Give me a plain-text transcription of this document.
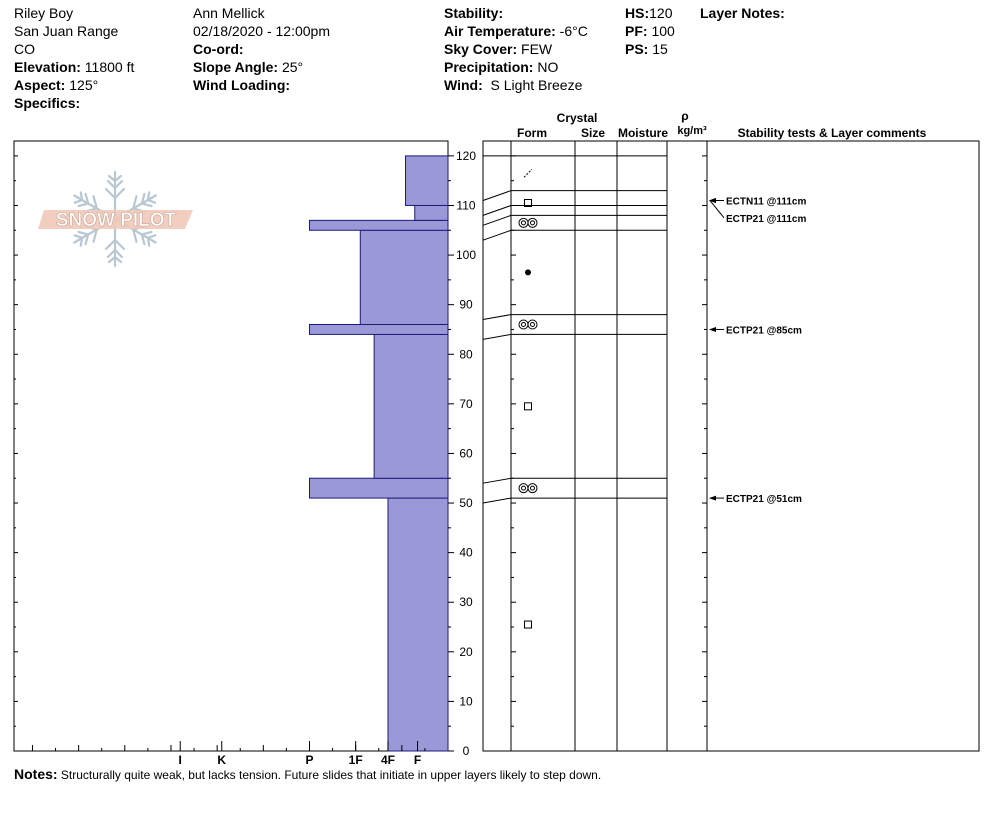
Riley Boy
San Juan Range
CO
Elevation: 11800 ft
Aspect: 125°
Specifics:
Ann Mellick
02/18/2020 - 12:00pm
Co-ord:
Slope Angle: 25°
Wind Loading:
Stability:
Air Temperature: -6°C
Sky Cover: FEW
Precipitation: NO
Wind: S Light Breeze
HS:120
PF: 100
PS: 15
Layer Notes:
SNOW PILOT
I	K	P	1F 4F F
0
10
20
30
40
50
60
70
80
90
100
110
120
ECTN11 @111cm
ECTP21 @111cm
ECTP21 @85cm
ECTP21 @51cm
Crystal
Form	Size Moisture
ρ
kg/m³	Stability tests & Layer comments
Notes: Structurally quite weak, but lacks tension. Future slides that initiate in upper layers likely to step down.
